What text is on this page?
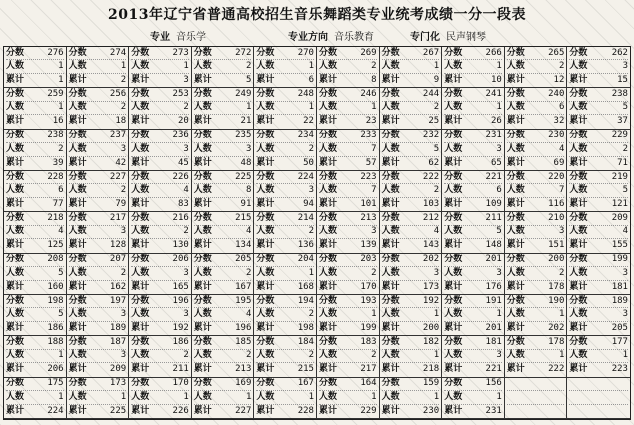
2013年辽宁省普通高校招生音乐舞蹈类专业统考成绩一分一段表
专业 音乐学	专业方向 音乐教育	专门化 民声钢琴
分数	276
人数	1
累计	1
分数	274
人数	1
累计	2
分数	273
人数	1
累计	3
分数	272
人数	2
累计	5
分数	270
人数	1
累计	6
分数	269
人数	2
累计	8
分数	267
人数	1
累计	9
分数	266
人数	1
累计	10
分数	265
人数	2
累计	12
分数	262
人数	3
累计	15
分数	259
人数	1
累计	16
分数	256
人数	2
累计	18
分数	253
人数	2
累计	20
分数	249
人数	1
累计	21
分数	248
人数	1
累计	22
分数	246
人数	1
累计	23
分数	244
人数	2
累计	25
分数	241
人数	1
累计	26
分数	240
人数	6
累计	32
分数	238
人数	5
累计	37
分数	238
人数	2
累计	39
分数	237
人数	3
累计	42
分数	236
人数	3
累计	45
分数	235
人数	3
累计	48
分数	234
人数	2
累计	50
分数	233
人数	7
累计	57
分数	232
人数	5
累计	62
分数	231
人数	3
累计	65
分数	230
人数	4
累计	69
分数	229
人数	2
累计	71
分数	228
人数	6
累计	77
分数	227
人数	2
累计	79
分数	226
人数	4
累计	83
分数	225
人数	8
累计	91
分数	224
人数	3
累计	94
分数	223
人数	7
累计	101
分数	222
人数	2
累计	103
分数	221
人数	6
累计	109
分数	220
人数	7
累计	116
分数	219
人数	5
累计	121
分数	218
人数	4
累计	125
分数	217
人数	3
累计	128
分数	216
人数	2
累计	130
分数	215
人数	4
累计	134
分数	214
人数	2
累计	136
分数	213
人数	3
累计	139
分数	212
人数	4
累计	143
分数	211
人数	5
累计	148
分数	210
人数	3
累计	151
分数	209
人数	4
累计	155
分数	208
人数	5
累计	160
分数	207
人数	2
累计	162
分数	206
人数	3
累计	165
分数	205
人数	2
累计	167
分数	204
人数	1
累计	168
分数	203
人数	2
累计	170
分数	202
人数	3
累计	173
分数	201
人数	3
累计	176
分数	200
人数	2
累计	178
分数	199
人数	3
累计	181
分数	198
人数	5
累计	186
分数	197
人数	3
累计	189
分数	196
人数	3
累计	192
分数	195
人数	4
累计	196
分数	194
人数	2
累计	198
分数	193
人数	1
累计	199
分数	192
人数	1
累计	200
分数	191
人数	1
累计	201
分数	190
人数	1
累计	202
分数	189
人数	3
累计	205
分数	188
人数	1
累计	206
分数	187
人数	3
累计	209
分数	186
人数	2
累计	211
分数	185
人数	2
累计	213
分数	184
人数	2
累计	215
分数	183
人数	2
累计	217
分数	182
人数	1
累计	218
分数	181
人数	3
累计	221
分数	178
人数	1
累计	222
分数	177
人数	1
累计	223
分数	175
人数	1
累计	224
分数	173
人数	1
累计	225
分数	170
人数	1
累计	226
分数	169
人数	1
累计	227
分数	167
人数	1
累计	228
分数	164
人数	1
累计	229
分数	159
人数	1
累计	230
分数	156
人数	1
累计	231
